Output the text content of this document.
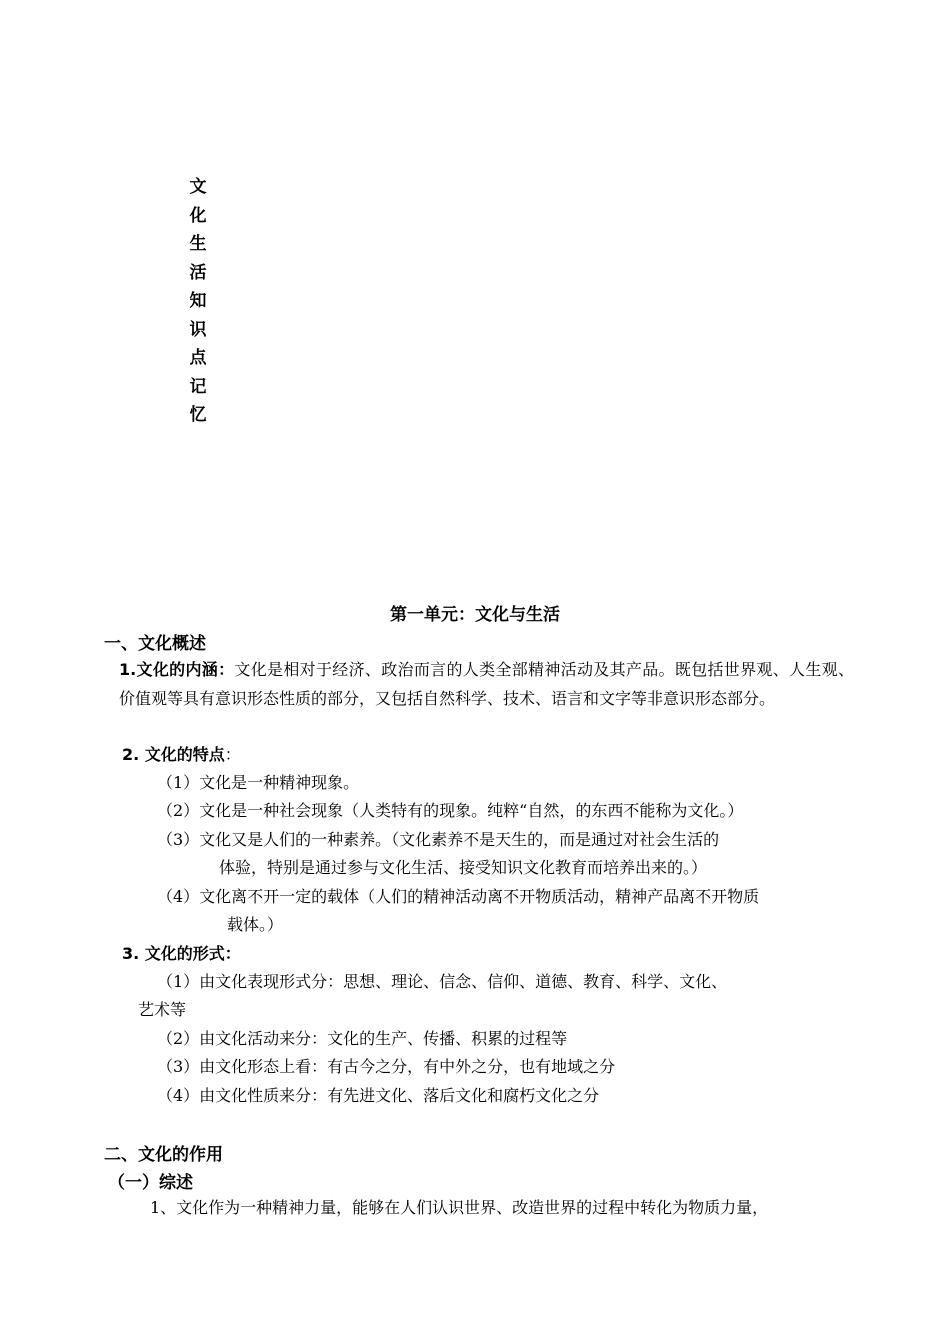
文
化
生
活
知
识
点
记
忆
第一单元：文化与生活
一、文化概述
1.文化的内涵：文化是相对于经济、政治而言的人类全部精神活动及其产品。既包括世界观、人生观、价值观等具有意识形态性质的部分，又包括自然科学、技术、语言和文字等非意识形态部分。
2. 文化的特点：
（1）文化是一种精神现象。
（2）文化是一种社会现象（人类特有的现象。纯粹“自然，的东西不能称为文化。）
（3）文化又是人们的一种素养。（文化素养不是天生的，而是通过对社会生活的
体验，特别是通过参与文化生活、接受知识文化教育而培养出来的。）
（4）文化离不开一定的载体（人们的精神活动离不开物质活动，精神产品离不开物质
载体。）
3. 文化的形式：
（1）由文化表现形式分：思想、理论、信念、信仰、道德、教育、科学、文化、
艺术等
（2）由文化活动来分：文化的生产、传播、积累的过程等
（3）由文化形态上看：有古今之分，有中外之分，也有地域之分
（4）由文化性质来分：有先进文化、落后文化和腐朽文化之分
二、文化的作用
（一）综述
1、文化作为一种精神力量，能够在人们认识世界、改造世界的过程中转化为物质力量，
